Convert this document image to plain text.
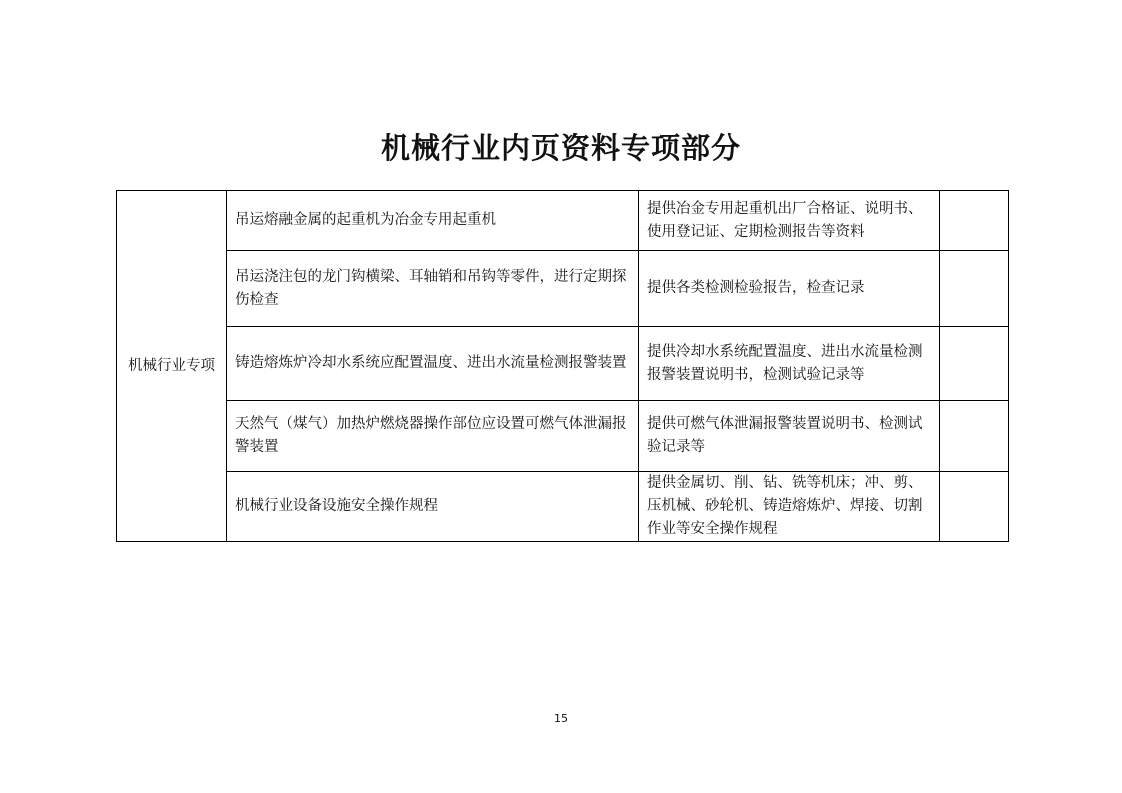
机械行业内页资料专项部分
机械行业专项	吊运熔融金属的起重机为冶金专用起重机	提供冶金专用起重机出厂合格证、说明书、使用登记证、定期检测报告等资料	
	吊运浇注包的龙门钩横梁、耳轴销和吊钩等零件，进行定期探伤检查	提供各类检测检验报告，检查记录	
	铸造熔炼炉冷却水系统应配置温度、进出水流量检测报警装置	提供冷却水系统配置温度、进出水流量检测报警装置说明书，检测试验记录等	
	天然气（煤气）加热炉燃烧器操作部位应设置可燃气体泄漏报警装置	提供可燃气体泄漏报警装置说明书、检测试验记录等	
	机械行业设备设施安全操作规程	提供金属切、削、钻、铣等机床；冲、剪、压机械、砂轮机、铸造熔炼炉、焊接、切割作业等安全操作规程	
15
